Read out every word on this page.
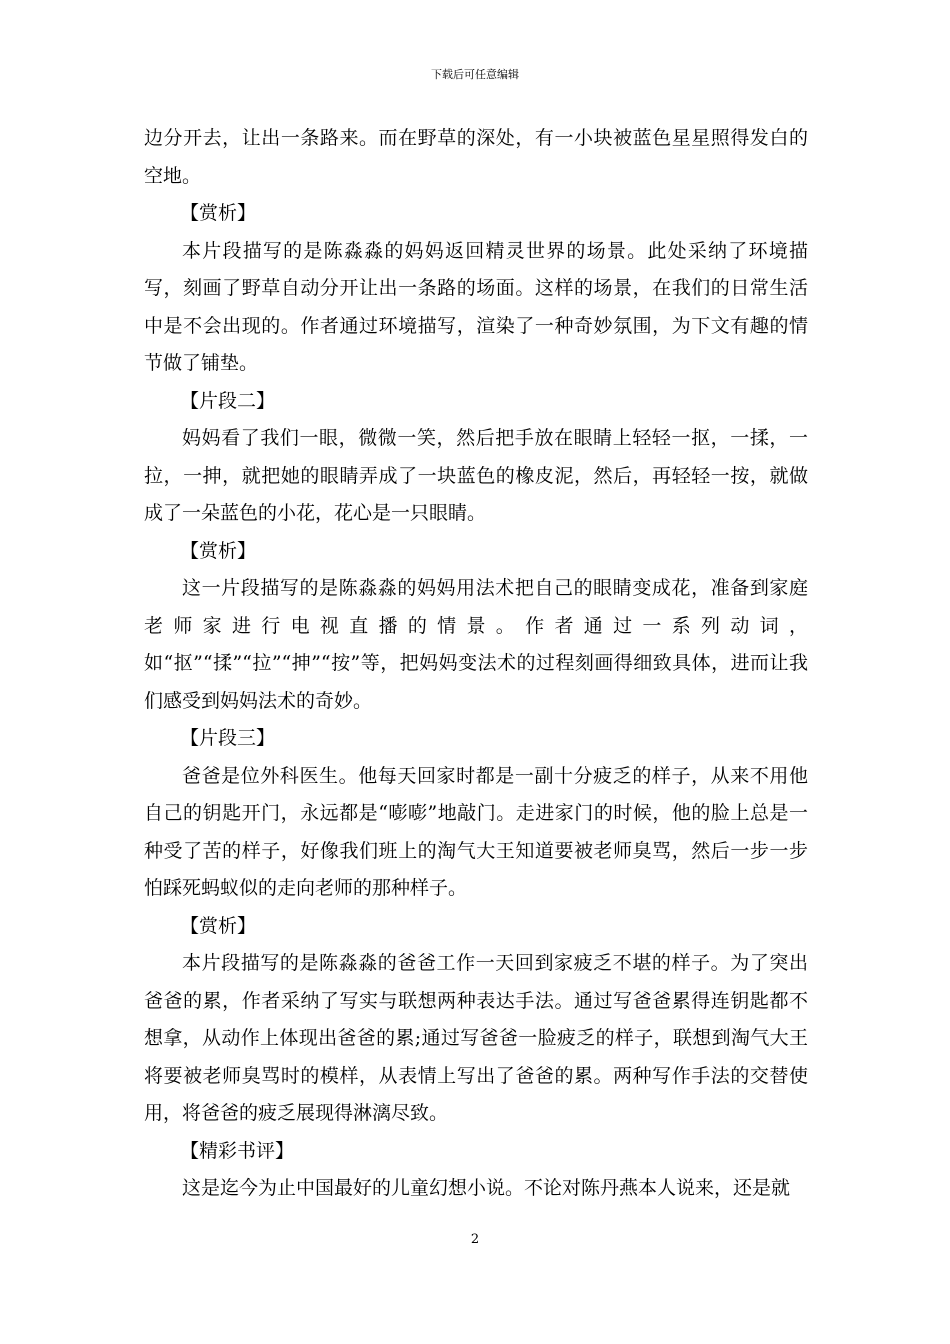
下载后可任意编辑

边分开去，让出一条路来。而在野草的深处，有一小块被蓝色星星照得发白的空地。

【赏析】

本片段描写的是陈淼淼的妈妈返回精灵世界的场景。此处采纳了环境描写，刻画了野草自动分开让出一条路的场面。这样的场景，在我们的日常生活中是不会出现的。作者通过环境描写，渲染了一种奇妙氛围，为下文有趣的情节做了铺垫。

【片段二】

妈妈看了我们一眼，微微一笑，然后把手放在眼睛上轻轻一抠，一揉，一拉，一抻，就把她的眼睛弄成了一块蓝色的橡皮泥，然后，再轻轻一按，就做成了一朵蓝色的小花，花心是一只眼睛。

【赏析】

这一片段描写的是陈淼淼的妈妈用法术把自己的眼睛变成花，准备到家庭老师家进行电视直播的情景。作者通过一系列动词，如“抠”“揉”“拉”“抻”“按”等，把妈妈变法术的过程刻画得细致具体，进而让我们感受到妈妈法术的奇妙。

【片段三】

爸爸是位外科医生。他每天回家时都是一副十分疲乏的样子，从来不用他自己的钥匙开门，永远都是“嘭嘭”地敲门。走进家门的时候，他的脸上总是一种受了苦的样子，好像我们班上的淘气大王知道要被老师臭骂，然后一步一步怕踩死蚂蚁似的走向老师的那种样子。

【赏析】

本片段描写的是陈淼淼的爸爸工作一天回到家疲乏不堪的样子。为了突出爸爸的累，作者采纳了写实与联想两种表达手法。通过写爸爸累得连钥匙都不想拿，从动作上体现出爸爸的累;通过写爸爸一脸疲乏的样子，联想到淘气大王将要被老师臭骂时的模样，从表情上写出了爸爸的累。两种写作手法的交替使用，将爸爸的疲乏展现得淋漓尽致。

【精彩书评】

这是迄今为止中国最好的儿童幻想小说。不论对陈丹燕本人说来，还是就

2
